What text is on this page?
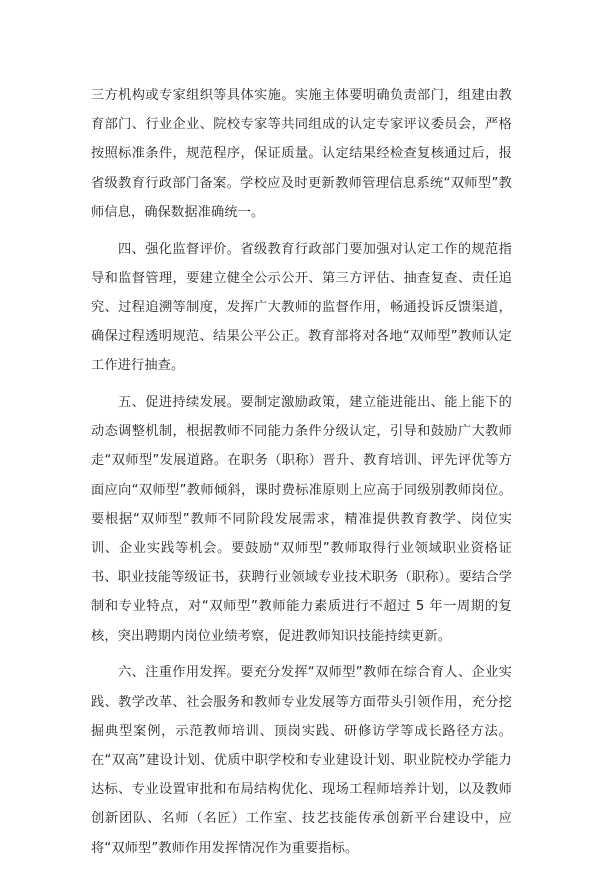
三方机构或专家组织等具体实施。实施主体要明确负责部门，组建由教育部门、行业企业、院校专家等共同组成的认定专家评议委员会，严格按照标准条件，规范程序，保证质量。认定结果经检查复核通过后，报省级教育行政部门备案。学校应及时更新教师管理信息系统“双师型”教师信息，确保数据准确统一。

四、强化监督评价。省级教育行政部门要加强对认定工作的规范指导和监督管理，要建立健全公示公开、第三方评估、抽查复查、责任追究、过程追溯等制度，发挥广大教师的监督作用，畅通投诉反馈渠道，确保过程透明规范、结果公平公正。教育部将对各地“双师型”教师认定工作进行抽查。

五、促进持续发展。要制定激励政策，建立能进能出、能上能下的动态调整机制，根据教师不同能力条件分级认定，引导和鼓励广大教师走“双师型”发展道路。在职务（职称）晋升、教育培训、评先评优等方面应向“双师型”教师倾斜，课时费标准原则上应高于同级别教师岗位。要根据“双师型”教师不同阶段发展需求，精准提供教育教学、岗位实训、企业实践等机会。要鼓励“双师型”教师取得行业领域职业资格证书、职业技能等级证书，获聘行业领域专业技术职务（职称）。要结合学制和专业特点，对“双师型”教师能力素质进行不超过 5 年一周期的复核，突出聘期内岗位业绩考察，促进教师知识技能持续更新。

六、注重作用发挥。要充分发挥“双师型”教师在综合育人、企业实践、教学改革、社会服务和教师专业发展等方面带头引领作用，充分挖掘典型案例，示范教师培训、顶岗实践、研修访学等成长路径方法。在“双高”建设计划、优质中职学校和专业建设计划、职业院校办学能力达标、专业设置审批和布局结构优化、现场工程师培养计划，以及教师创新团队、名师（名匠）工作室、技艺技能传承创新平台建设中，应将“双师型”教师作用发挥情况作为重要指标。
